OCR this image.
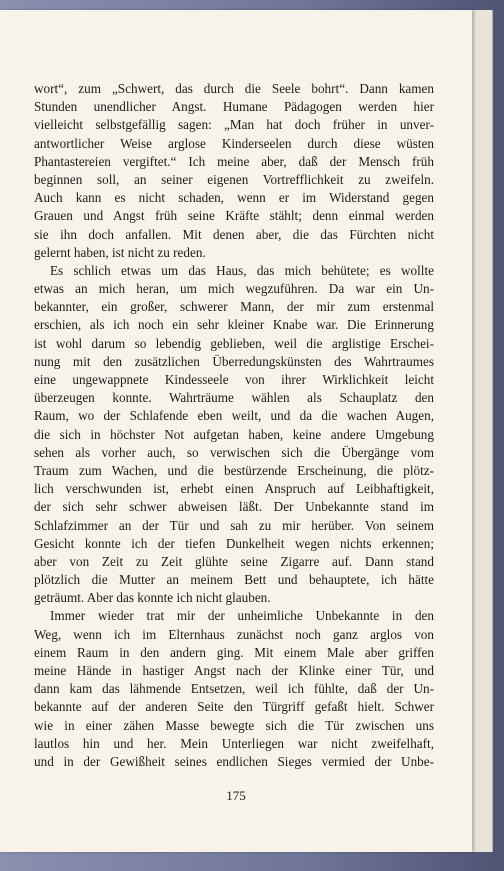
wort“, zum „Schwert, das durch die Seele bohrt“. Dann kamen
Stunden unendlicher Angst. Humane Pädagogen werden hier
vielleicht selbstgefällig sagen: „Man hat doch früher in unver-
antwortlicher Weise arglose Kinderseelen durch diese wüsten
Phantastereien vergiftet.“ Ich meine aber, daß der Mensch früh
beginnen soll, an seiner eigenen Vortrefflichkeit zu zweifeln.
Auch kann es nicht schaden, wenn er im Widerstand gegen
Grauen und Angst früh seine Kräfte stählt; denn einmal werden
sie ihn doch anfallen. Mit denen aber, die das Fürchten nicht
gelernt haben, ist nicht zu reden.
Es schlich etwas um das Haus, das mich behütete; es wollte
etwas an mich heran, um mich wegzuführen. Da war ein Un-
bekannter, ein großer, schwerer Mann, der mir zum erstenmal
erschien, als ich noch ein sehr kleiner Knabe war. Die Erinnerung
ist wohl darum so lebendig geblieben, weil die arglistige Erschei-
nung mit den zusätzlichen Überredungskünsten des Wahrtraumes
eine ungewappnete Kindesseele von ihrer Wirklichkeit leicht
überzeugen konnte. Wahrträume wählen als Schauplatz den
Raum, wo der Schlafende eben weilt, und da die wachen Augen,
die sich in höchster Not aufgetan haben, keine andere Umgebung
sehen als vorher auch, so verwischen sich die Übergänge vom
Traum zum Wachen, und die bestürzende Erscheinung, die plötz-
lich verschwunden ist, erhebt einen Anspruch auf Leibhaftigkeit,
der sich sehr schwer abweisen läßt. Der Unbekannte stand im
Schlafzimmer an der Tür und sah zu mir herüber. Von seinem
Gesicht konnte ich der tiefen Dunkelheit wegen nichts erkennen;
aber von Zeit zu Zeit glühte seine Zigarre auf. Dann stand
plötzlich die Mutter an meinem Bett und behauptete, ich hätte
geträumt. Aber das konnte ich nicht glauben.
Immer wieder trat mir der unheimliche Unbekannte in den
Weg, wenn ich im Elternhaus zunächst noch ganz arglos von
einem Raum in den andern ging. Mit einem Male aber griffen
meine Hände in hastiger Angst nach der Klinke einer Tür, und
dann kam das lähmende Entsetzen, weil ich fühlte, daß der Un-
bekannte auf der anderen Seite den Türgriff gefaßt hielt. Schwer
wie in einer zähen Masse bewegte sich die Tür zwischen uns
lautlos hin und her. Mein Unterliegen war nicht zweifelhaft,
und in der Gewißheit seines endlichen Sieges vermied der Unbe-
175
